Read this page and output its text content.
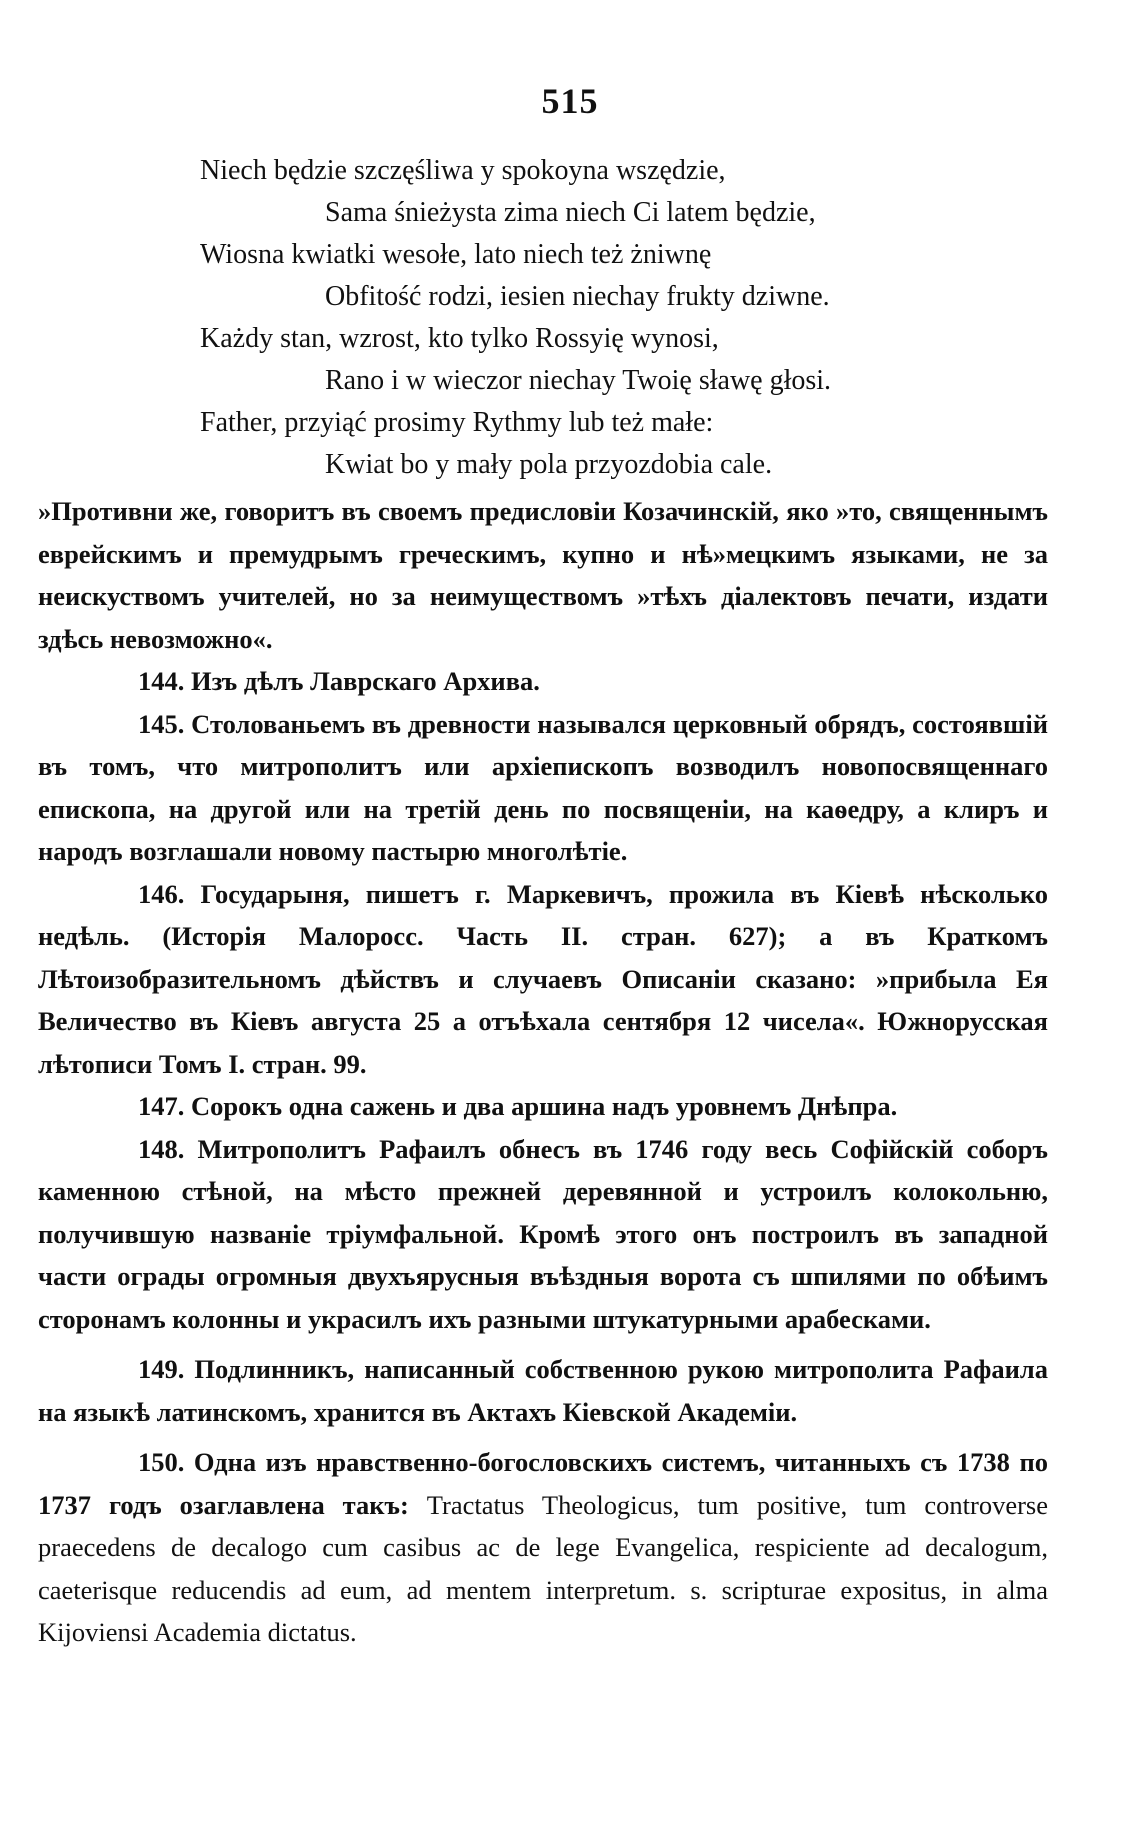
515
Niech będzie szczęśliwa y spokoyna wszędzie,
Sama śnieżysta zima niech Ci latem będzie,
Wiosna kwiatki wesołe, lato niech też żniwnę
Obfitość rodzi, iesien niechay frukty dziwne.
Każdy stan, wzrost, kto tylko Rossyię wynosi,
Rano i w wieczor niechay Twoię sławę głosi.
Father, przyiąć prosimy Rythmy lub też małe:
Kwiat bo y mały pola przyozdobia cale.

»Противни же, говоритъ въ своемъ предисловіи Козачинскій, яко »то, священнымъ еврейскимъ и премудрымъ греческимъ, купно и нѣ»мецкимъ языками, не за неискуствомъ учителей, но за неимуществомъ »тѣхъ діалектовъ печати, издати здѣсь невозможно«.

144. Изъ дѣлъ Лаврскаго Архива.

145. Столованьемъ въ древности назывался церковный обрядъ, состоявшій въ томъ, что митрополитъ или архіепископъ возводилъ новопосвященнаго епископа, на другой или на третій день по посвященіи, на каѳедру, а клиръ и народъ возглашали новому пастырю многолѣтіе.

146. Государыня, пишетъ г. Маркевичъ, прожила въ Кіевѣ нѣсколько недѣль. (Исторія Малоросс. Часть II. стран. 627); а въ Краткомъ Лѣтоизобразительномъ дѣйствъ и случаевъ Описаніи сказано: »прибыла Ея Величество въ Кіевъ августа 25 а отъѣхала сентября 12 чисела«. Южнорусская лѣтописи Томъ I. стран. 99.

147. Сорокъ одна сажень и два аршина надъ уровнемъ Днѣпра.

148. Митрополитъ Рафаилъ обнесъ въ 1746 году весь Софійскій соборъ каменною стѣной, на мѣсто прежней деревянной и устроилъ колокольню, получившую названіе тріумфальной. Кромѣ этого онъ построилъ въ западной части ограды огромныя двухъярусныя въѣздныя ворота съ шпилями по обѣимъ сторонамъ колонны и украсилъ ихъ разными штукатурными арабесками.

149. Подлинникъ, написанный собственною рукою митрополита Рафаила на языкѣ латинскомъ, хранится въ Актахъ Кіевской Академіи.

150. Одна изъ нравственно-богословскихъ системъ, читанныхъ съ 1738 по 1737 годъ озаглавлена такъ: Tractatus Theologicus, tum positive, tum controverse praecedens de decalogo cum casibus ac de lege Evangelica, respiciente ad decalogum, caeterisque reducendis ad eum, ad mentem interpretum. s. scripturae expositus, in alma Kijoviensi Academia dictatus.
